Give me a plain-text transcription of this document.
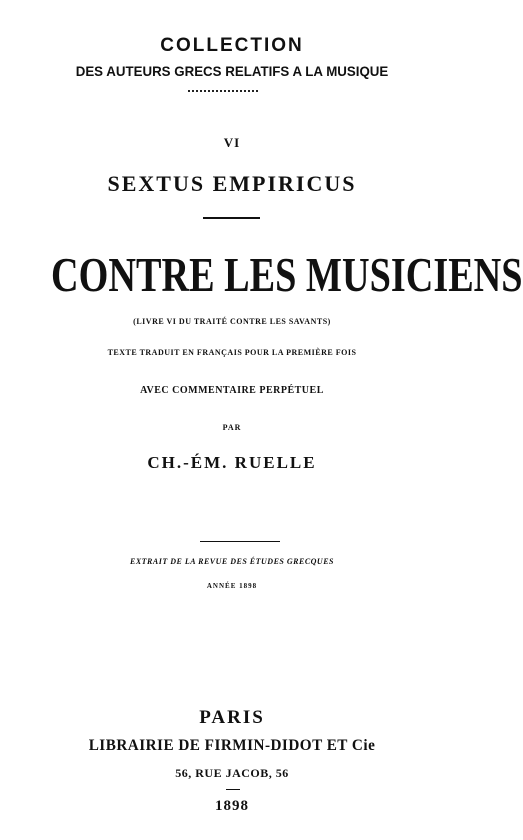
COLLECTION
DES AUTEURS GRECS RELATIFS A LA MUSIQUE
VI
SEXTUS EMPIRICUS
CONTRE LES MUSICIENS
(LIVRE VI DU TRAITÉ CONTRE LES SAVANTS)
TEXTE TRADUIT EN FRANÇAIS POUR LA PREMIÈRE FOIS
AVEC COMMENTAIRE PERPÉTUEL
PAR
CH.-ÉM. RUELLE
EXTRAIT DE LA REVUE DES ÉTUDES GRECQUES
ANNÉE 1898
PARIS
LIBRAIRIE DE FIRMIN-DIDOT ET Cie
56, RUE JACOB, 56
1898
